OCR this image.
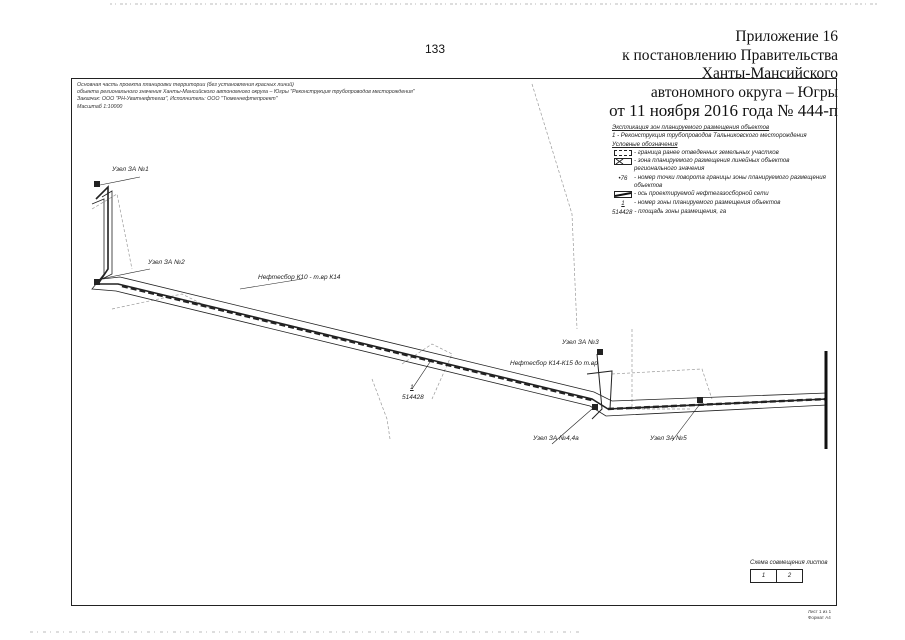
133
Приложение 16
к постановлению Правительства
Ханты-Мансийского
автономного округа – Югры
от 11 ноября 2016 года № 444-п
Основная часть проекта планировки территории (без установления красных линий)
объекта регионального значения Ханты-Мансийского автономного округа – Югры "Реконструкция трубопроводов месторождения"
Заказчик: ООО "РН-Уватнефтегаз", Исполнитель: ООО "Тюменнефтепроект"
Масштаб 1:10000
Экспликация зон планируемого размещения объектов
1 - Реконструкция трубопроводов Тальниковского месторождения
Условные обозначения
- граница ранее отведенных земельных участков
- зона планируемого размещения линейных объектов регионального значения
•76	- номер точки поворота границы зоны планируемого размещения объектов
- ось проектируемой нефтегазосборной сети
1	- номер зоны планируемого размещения объектов
514428 - площадь зоны размещения, га
Узел ЗА №1
Узел ЗА №2
Нефтесбор К10 - т.вр К14
Узел ЗА №3
Нефтесбор К14-К15 до т.вр
1
514428
Узел ЗА №4,4а	Узел ЗА №5
Схема совмещения листов
1	2
Лист 1 из 1
Формат А4
